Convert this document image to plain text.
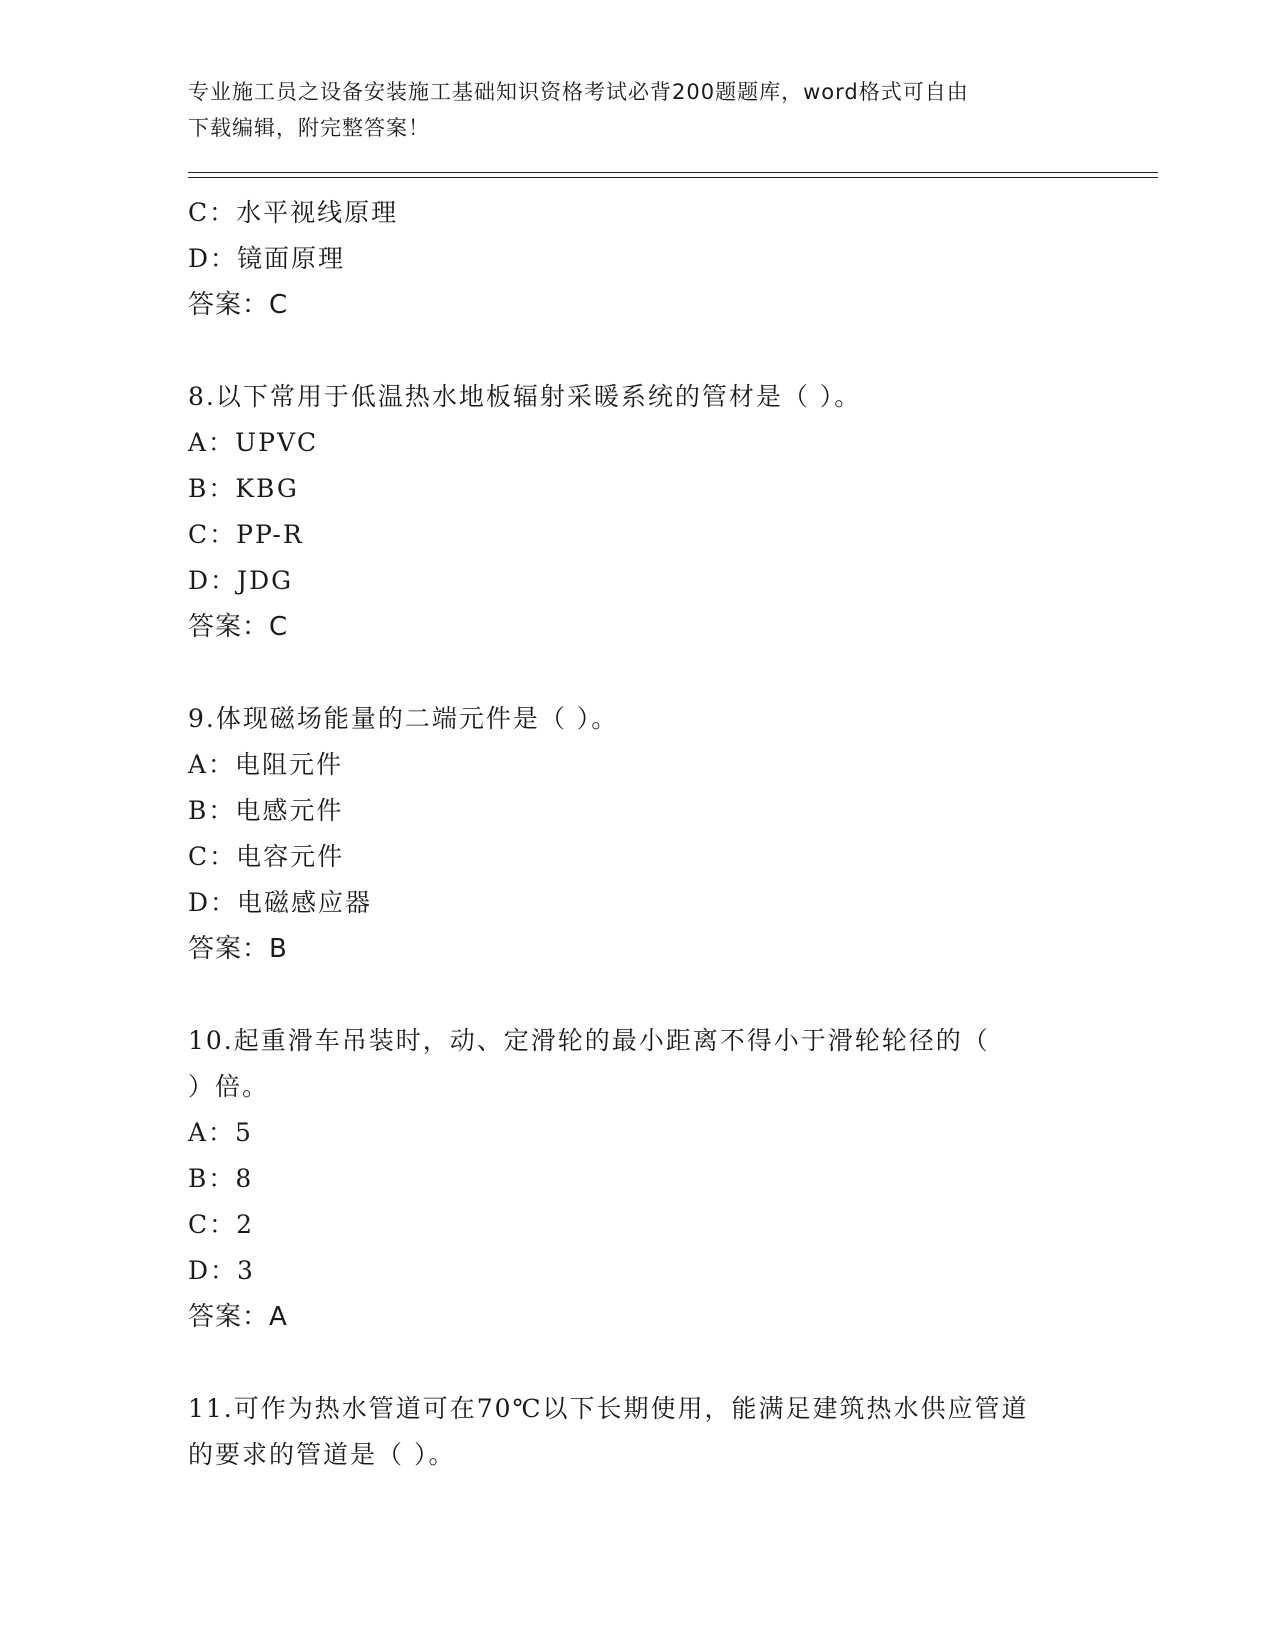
专业施工员之设备安装施工基础知识资格考试必背200题题库，word格式可自由
下载编辑，附完整答案！
C：水平视线原理
D：镜面原理
答案：C
8.以下常用于低温热水地板辐射采暖系统的管材是（ ）。
A：UPVC
B：KBG
C：PP-R
D：JDG
答案：C
9.体现磁场能量的二端元件是（ ）。
A：电阻元件
B：电感元件
C：电容元件
D：电磁感应器
答案：B
10.起重滑车吊装时，动、定滑轮的最小距离不得小于滑轮轮径的（
）倍。
A：5
B：8
C：2
D：3
答案：A
11.可作为热水管道可在70℃以下长期使用，能满足建筑热水供应管道
的要求的管道是（ ）。
